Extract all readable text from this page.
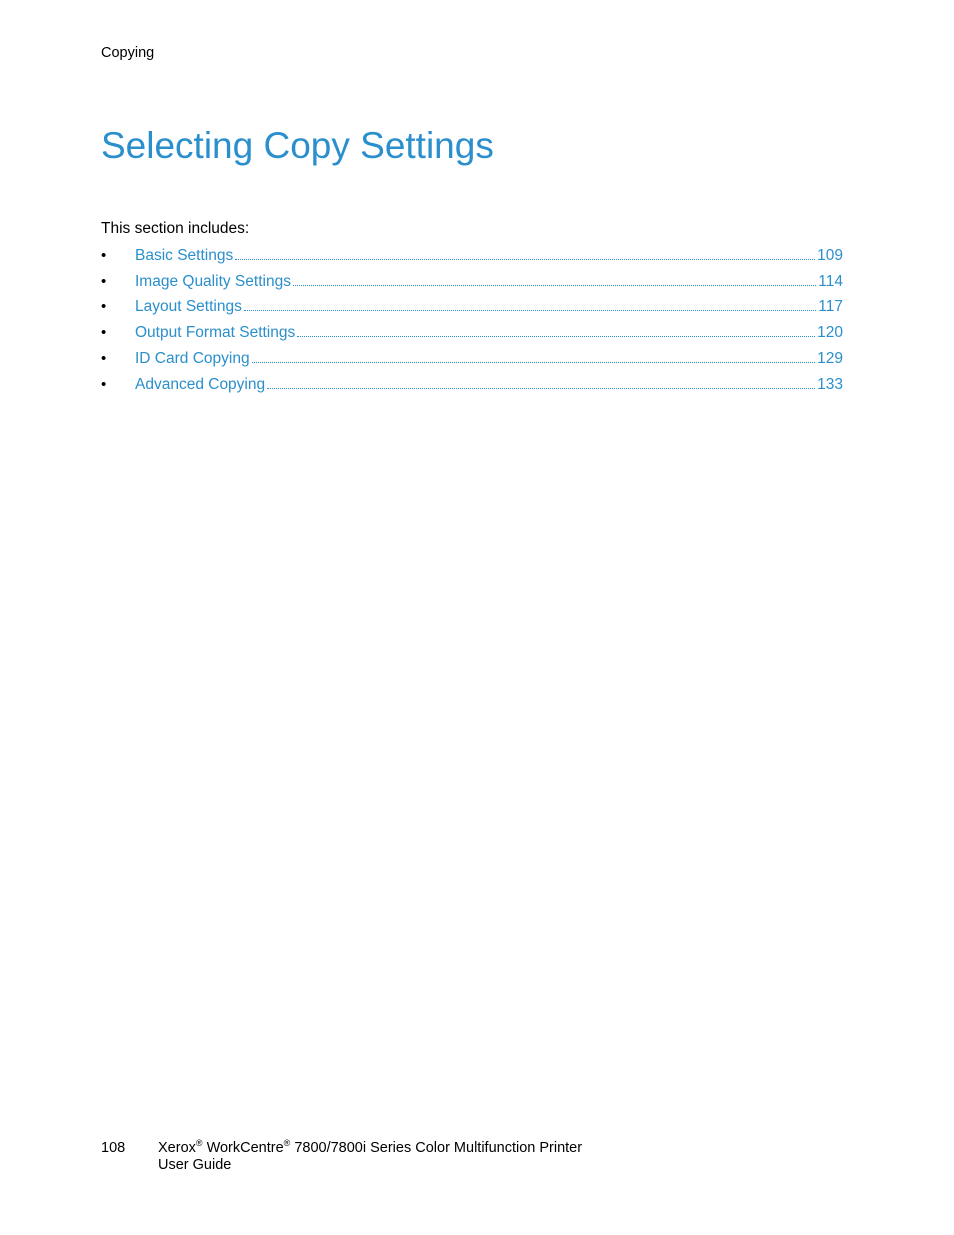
Copying
Selecting Copy Settings
This section includes:
•	Basic Settings	109
•	Image Quality Settings	114
•	Layout Settings	117
•	Output Format Settings	120
•	ID Card Copying	129
•	Advanced Copying	133
108 Xerox® WorkCentre® 7800/7800i Series Color Multifunction Printer
User Guide
